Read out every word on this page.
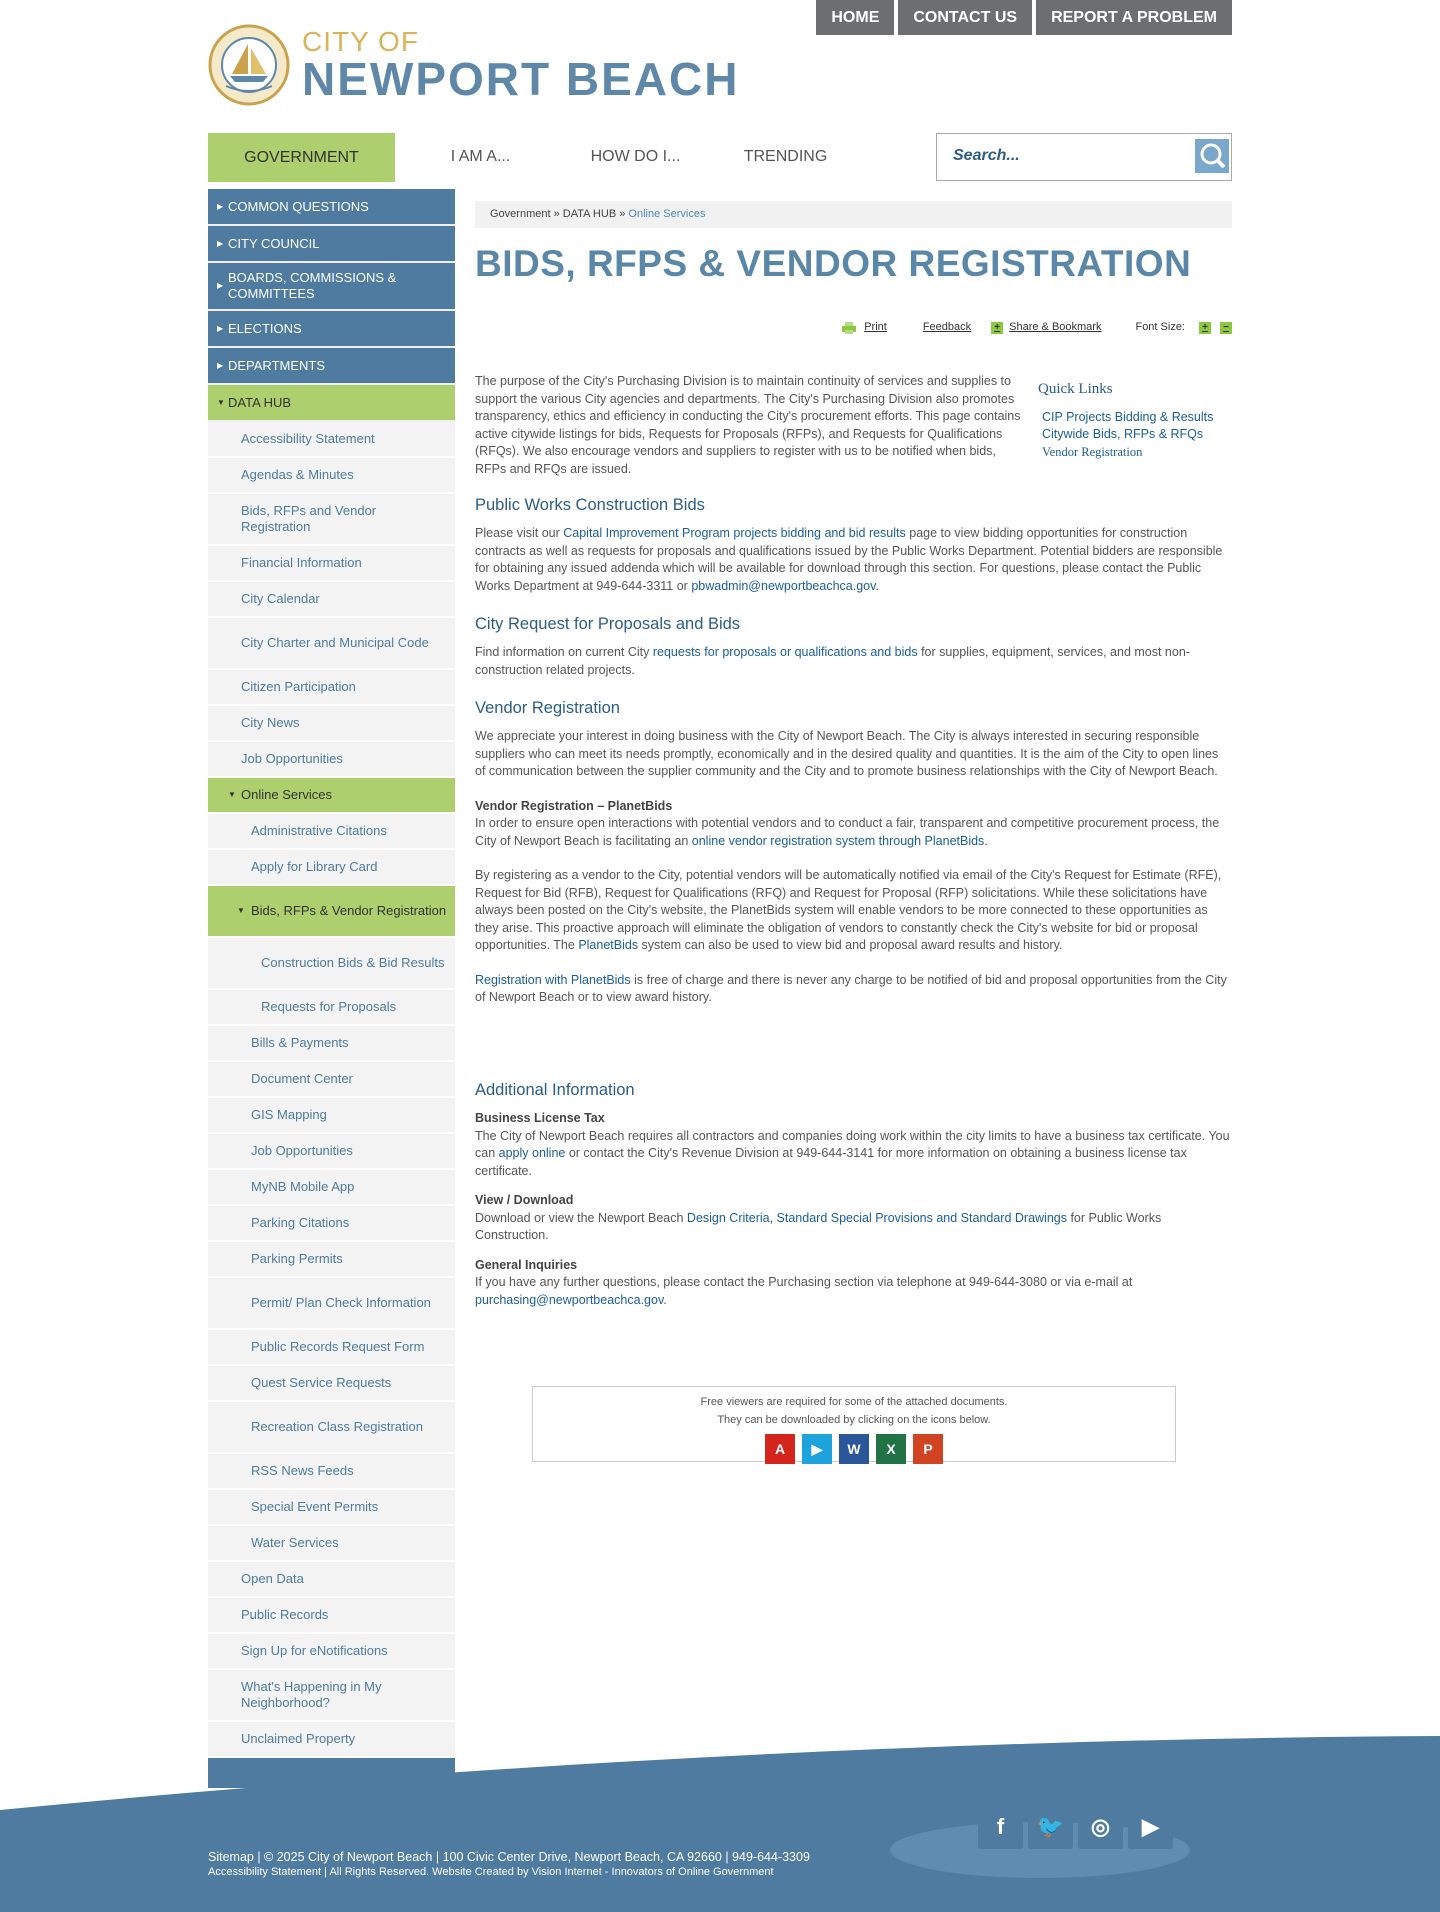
HOME	CONTACT US	REPORT A PROBLEM
CITY OF
NEWPORT BEACH
GOVERNMENT	I AM A...	HOW DO I...	TRENDING
Search...
▶ COMMON QUESTIONS
▶ CITY COUNCIL
▶
BOARDS, COMMISSIONS & COMMITTEES
▶ ELECTIONS
▶ DEPARTMENTS
▼ DATA HUB
Accessibility Statement
Agendas & Minutes
Bids, RFPs and Vendor Registration
Financial Information
City Calendar
City Charter and Municipal Code
Citizen Participation
City News
Job Opportunities
▼ Online Services
Administrative Citations
Apply for Library Card
▼ Bids, RFPs & Vendor Registration
Construction Bids & Bid Results
Requests for Proposals
Bills & Payments
Document Center
GIS Mapping
Job Opportunities
MyNB Mobile App
Parking Citations
Parking Permits
Permit/ Plan Check Information
Public Records Request Form
Quest Service Requests
Recreation Class Registration
RSS News Feeds
Special Event Permits
Water Services
Open Data
Public Records
Sign Up for eNotifications
What's Happening in My Neighborhood?
Unclaimed Property
Government » DATA HUB » Online Services
BIDS, RFPS & VENDOR REGISTRATION
Print	Feedback	+ Share & Bookmark	Font Size:	+	−
The purpose of the City's Purchasing Division is to maintain continuity of services and supplies to support the various City agencies and departments. The City's Purchasing Division also promotes transparency, ethics and efficiency in conducting the City's procurement efforts. This page contains active citywide listings for bids, Requests for Proposals (RFPs), and Requests for Qualifications (RFQs). We also encourage vendors and suppliers to register with us to be notified when bids, RFPs and RFQs are issued.
Quick Links
CIP Projects Bidding & Results
Citywide Bids, RFPs & RFQs
Vendor Registration
Public Works Construction Bids

Please visit our Capital Improvement Program projects bidding and bid results page to view bidding opportunities for construction contracts as well as requests for proposals and qualifications issued by the Public Works Department. Potential bidders are responsible for obtaining any issued addenda which will be available for download through this section. For questions, please contact the Public Works Department at 949-644-3311 or pbwadmin@newportbeachca.gov.

City Request for Proposals and Bids

Find information on current City requests for proposals or qualifications and bids for supplies, equipment, services, and most non-construction related projects.

Vendor Registration

We appreciate your interest in doing business with the City of Newport Beach. The City is always interested in securing responsible suppliers who can meet its needs promptly, economically and in the desired quality and quantities. It is the aim of the City to open lines of communication between the supplier community and the City and to promote business relationships with the City of Newport Beach.

Vendor Registration – PlanetBids

In order to ensure open interactions with potential vendors and to conduct a fair, transparent and competitive procurement process, the City of Newport Beach is facilitating an online vendor registration system through PlanetBids.

By registering as a vendor to the City, potential vendors will be automatically notified via email of the City's Request for Estimate (RFE), Request for Bid (RFB), Request for Qualifications (RFQ) and Request for Proposal (RFP) solicitations. While these solicitations have always been posted on the City's website, the PlanetBids system will enable vendors to be more connected to these opportunities as they arise. This proactive approach will eliminate the obligation of vendors to constantly check the City's website for bid or proposal opportunities. The PlanetBids system can also be used to view bid and proposal award results and history.

Registration with PlanetBids is free of charge and there is never any charge to be notified of bid and proposal opportunities from the City of Newport Beach or to view award history.

Additional Information

Business License Tax

The City of Newport Beach requires all contractors and companies doing work within the city limits to have a business tax certificate. You can apply online or contact the City's Revenue Division at 949-644-3141 for more information on obtaining a business license tax certificate.

View / Download

Download or view the Newport Beach Design Criteria, Standard Special Provisions and Standard Drawings for Public Works Construction.

General Inquiries

If you have any further questions, please contact the Purchasing section via telephone at 949-644-3080 or via e-mail at purchasing@newportbeachca.gov.

Free viewers are required for some of the attached documents.
They can be downloaded by clicking on the icons below.
A	▶	W	X	P
f	🐦	◎	▶
Sitemap | © 2025 City of Newport Beach | 100 Civic Center Drive, Newport Beach, CA 92660 | 949-644-3309
Accessibility Statement | All Rights Reserved. Website Created by Vision Internet - Innovators of Online Government
